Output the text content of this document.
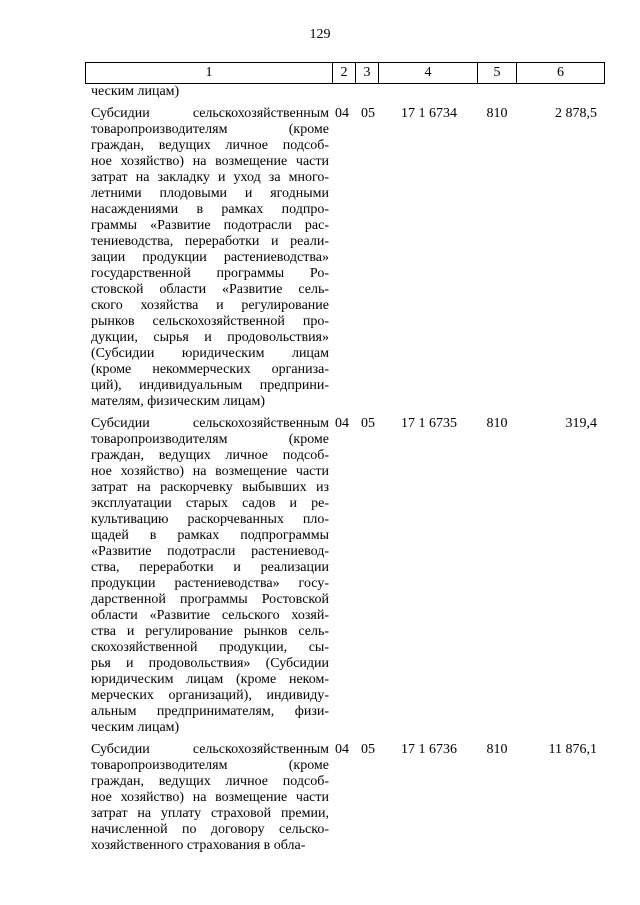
129
1	2	3	4	5	6
ческим лицам)
Субсидии сельскохозяйственным
товаропроизводителям (кроме
граждан, ведущих личное подсоб-
ное хозяйство) на возмещение части
затрат на закладку и уход за много-
летними плодовыми и ягодными
насаждениями в рамках подпро-
граммы «Развитие подотрасли рас-
тениеводства, переработки и реали-
зации продукции растениеводства»
государственной программы Ро-
стовской области «Развитие сель-
ского хозяйства и регулирование
рынков сельскохозяйственной про-
дукции, сырья и продовольствия»
(Субсидии юридическим лицам
(кроме некоммерческих организа-
ций), индивидуальным предприни-
мателям, физическим лицам)
04 05	17 1 6734	810	2 878,5
Субсидии сельскохозяйственным
товаропроизводителям (кроме
граждан, ведущих личное подсоб-
ное хозяйство) на возмещение части
затрат на раскорчевку выбывших из
эксплуатации старых садов и ре-
культивацию раскорчеванных пло-
щадей в рамках подпрограммы
«Развитие подотрасли растениевод-
ства, переработки и реализации
продукции растениеводства» госу-
дарственной программы Ростовской
области «Развитие сельского хозяй-
ства и регулирование рынков сель-
скохозяйственной продукции, сы-
рья и продовольствия» (Субсидии
юридическим лицам (кроме неком-
мерческих организаций), индивиду-
альным предпринимателям, физи-
ческим лицам)
04 05	17 1 6735	810	319,4
Субсидии сельскохозяйственным
товаропроизводителям (кроме
граждан, ведущих личное подсоб-
ное хозяйство) на возмещение части
затрат на уплату страховой премии,
начисленной по договору сельско-
хозяйственного страхования в обла-
04 05	17 1 6736	810	11 876,1
